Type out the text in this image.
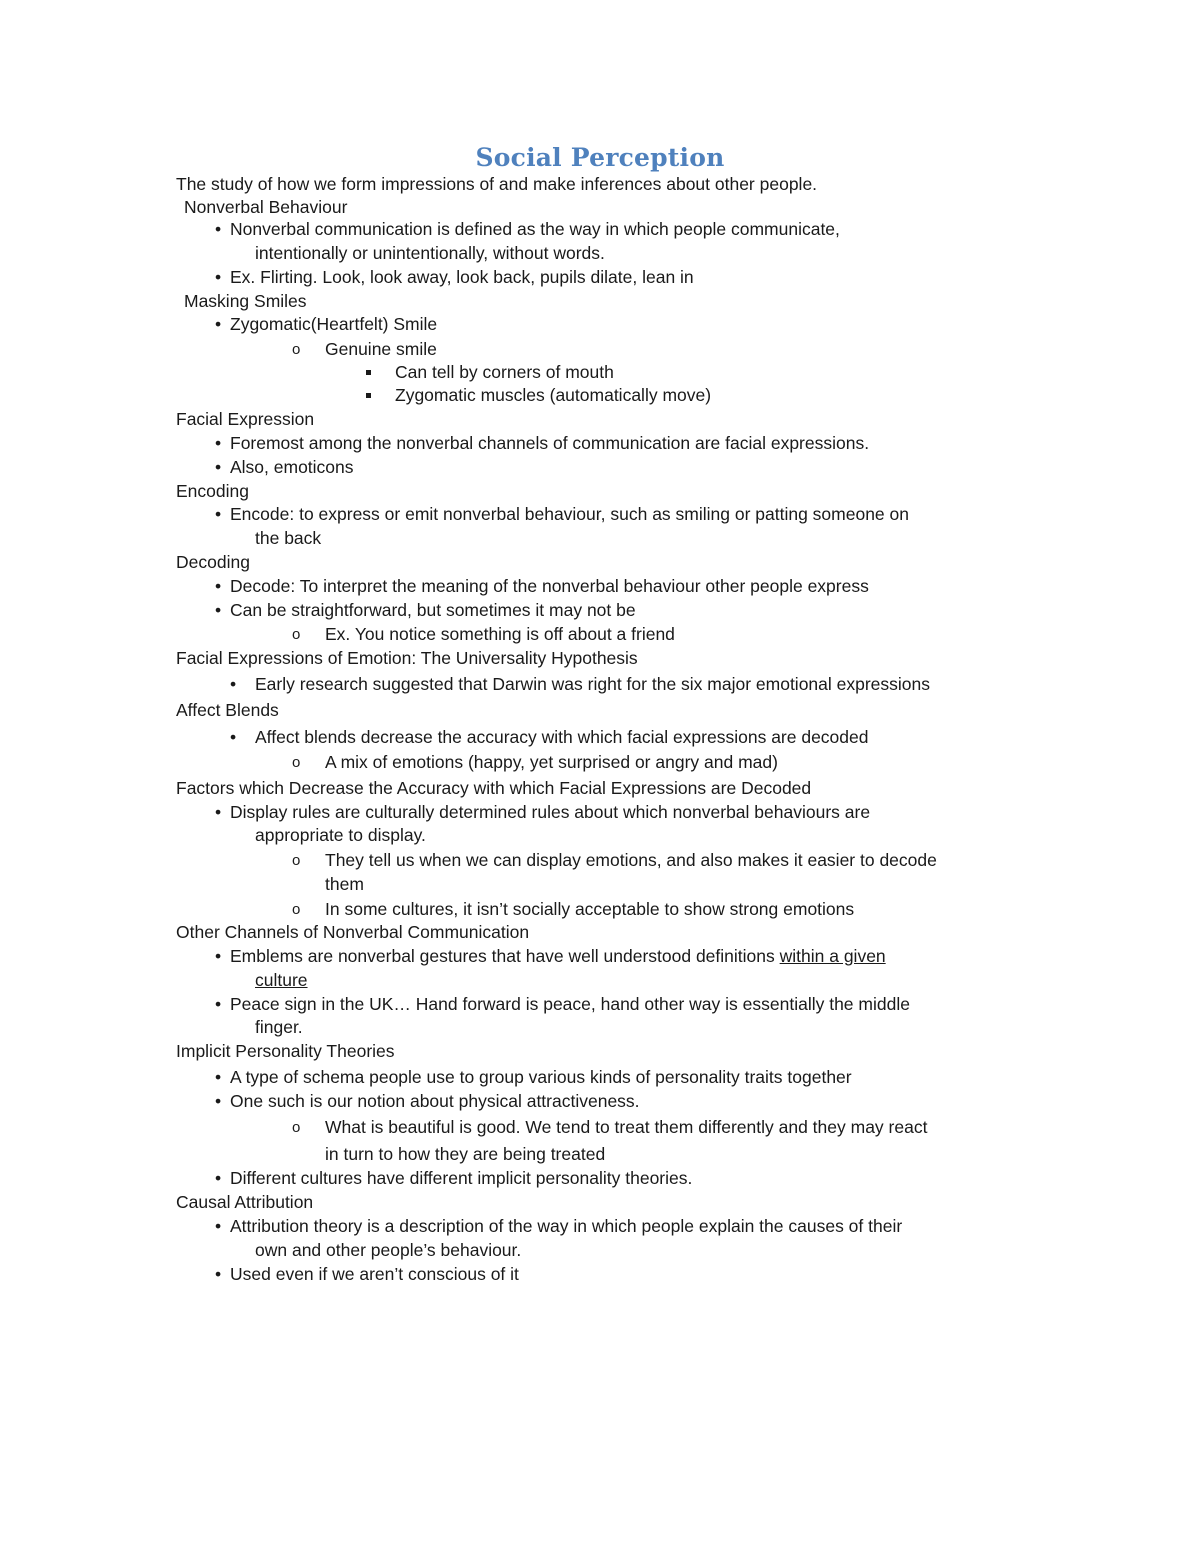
Social Perception
The study of how we form impressions of and make inferences about other people.
Nonverbal Behaviour
• Nonverbal communication is defined as the way in which people communicate,
intentionally or unintentionally, without words.
• Ex. Flirting. Look, look away, look back, pupils dilate, lean in
Masking Smiles
• Zygomatic(Heartfelt) Smile
o Genuine smile
Can tell by corners of mouth
Zygomatic muscles (automatically move)
Facial Expression
• Foremost among the nonverbal channels of communication are facial expressions.
• Also, emoticons
Encoding
• Encode: to express or emit nonverbal behaviour, such as smiling or patting someone on
the back
Decoding
• Decode: To interpret the meaning of the nonverbal behaviour other people express
• Can be straightforward, but sometimes it may not be
o Ex. You notice something is off about a friend
Facial Expressions of Emotion: The Universality Hypothesis
• Early research suggested that Darwin was right for the six major emotional expressions
Affect Blends
• Affect blends decrease the accuracy with which facial expressions are decoded
o A mix of emotions (happy, yet surprised or angry and mad)
Factors which Decrease the Accuracy with which Facial Expressions are Decoded
• Display rules are culturally determined rules about which nonverbal behaviours are
appropriate to display.
o They tell us when we can display emotions, and also makes it easier to decode
them
o In some cultures, it isn’t socially acceptable to show strong emotions
Other Channels of Nonverbal Communication
• Emblems are nonverbal gestures that have well understood definitions within a given
culture
• Peace sign in the UK… Hand forward is peace, hand other way is essentially the middle
finger.
Implicit Personality Theories
• A type of schema people use to group various kinds of personality traits together
• One such is our notion about physical attractiveness.
o What is beautiful is good. We tend to treat them differently and they may react
in turn to how they are being treated
• Different cultures have different implicit personality theories.
Causal Attribution
• Attribution theory is a description of the way in which people explain the causes of their
own and other people’s behaviour.
• Used even if we aren’t conscious of it
